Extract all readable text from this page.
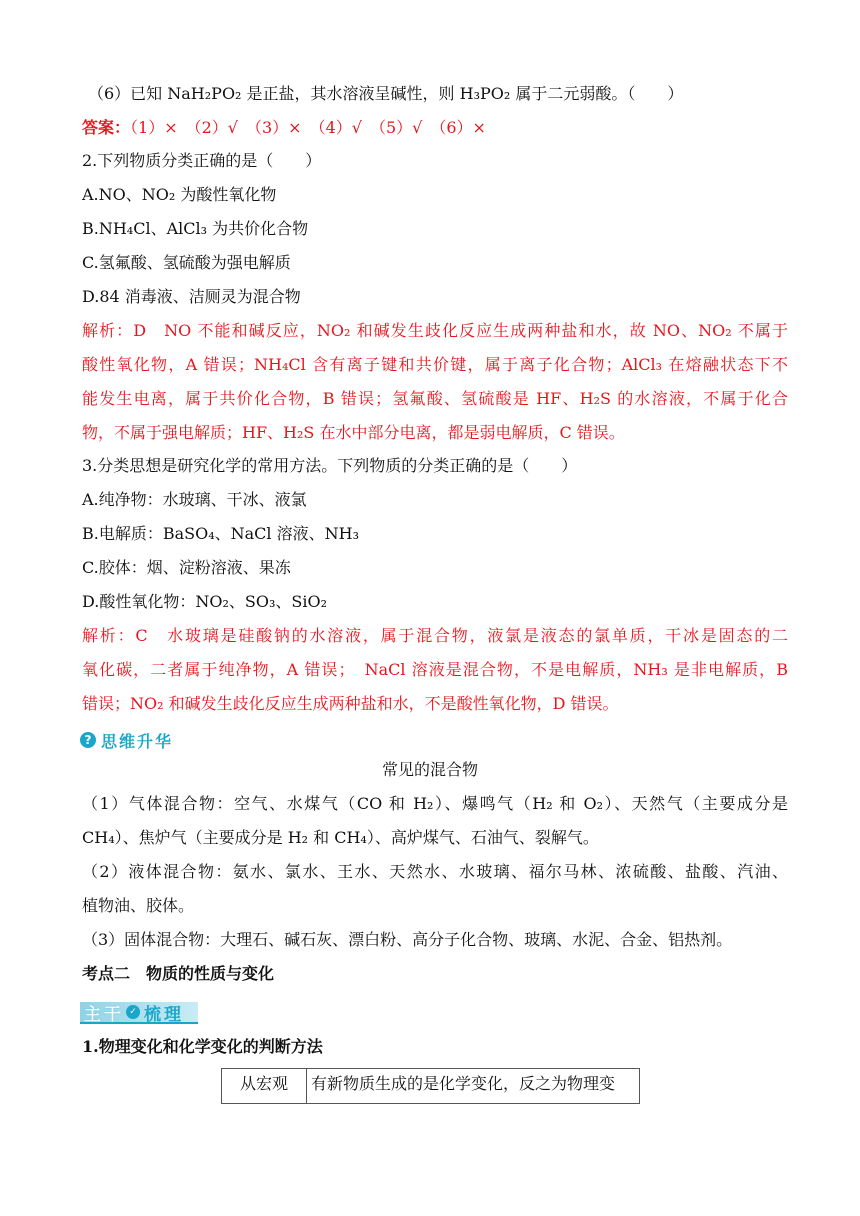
（6）已知 NaH₂PO₂ 是正盐，其水溶液呈碱性，则 H₃PO₂ 属于二元弱酸。（　　）
答案：（1）×　（2）√　（3）×　（4）√　（5）√　（6）×
2.下列物质分类正确的是（　　）
A.NO、NO₂ 为酸性氧化物
B.NH₄Cl、AlCl₃ 为共价化合物
C.氢氟酸、氢硫酸为强电解质
D.84 消毒液、洁厕灵为混合物
解析：D　NO 不能和碱反应，NO₂ 和碱发生歧化反应生成两种盐和水，故 NO、NO₂ 不属于
酸性氧化物，A 错误；NH₄Cl 含有离子键和共价键，属于离子化合物；AlCl₃ 在熔融状态下不
能发生电离，属于共价化合物，B 错误；氢氟酸、氢硫酸是 HF、H₂S 的水溶液，不属于化合
物，不属于强电解质；HF、H₂S 在水中部分电离，都是弱电解质，C 错误。
3.分类思想是研究化学的常用方法。下列物质的分类正确的是（　　）
A.纯净物：水玻璃、干冰、液氯
B.电解质：BaSO₄、NaCl 溶液、NH₃
C.胶体：烟、淀粉溶液、果冻
D.酸性氧化物：NO₂、SO₃、SiO₂
解析：C　水玻璃是硅酸钠的水溶液，属于混合物，液氯是液态的氯单质，干冰是固态的二
氧化碳，二者属于纯净物，A 错误；　NaCl 溶液是混合物，不是电解质，NH₃ 是非电解质，B
错误；NO₂ 和碱发生歧化反应生成两种盐和水，不是酸性氧化物，D 错误。
? 思维升华
常见的混合物
（1）气体混合物：空气、水煤气（CO 和 H₂）、爆鸣气（H₂ 和 O₂）、天然气（主要成分是
CH₄）、焦炉气（主要成分是 H₂ 和 CH₄）、高炉煤气、石油气、裂解气。
（2）液体混合物：氨水、氯水、王水、天然水、水玻璃、福尔马林、浓硫酸、盐酸、汽油、
植物油、胶体。
（3）固体混合物：大理石、碱石灰、漂白粉、高分子化合物、玻璃、水泥、合金、铝热剂。
考点二　物质的性质与变化
主干 ✓ 梳理
1.物理变化和化学变化的判断方法
从宏观	有新物质生成的是化学变化，反之为物理变
